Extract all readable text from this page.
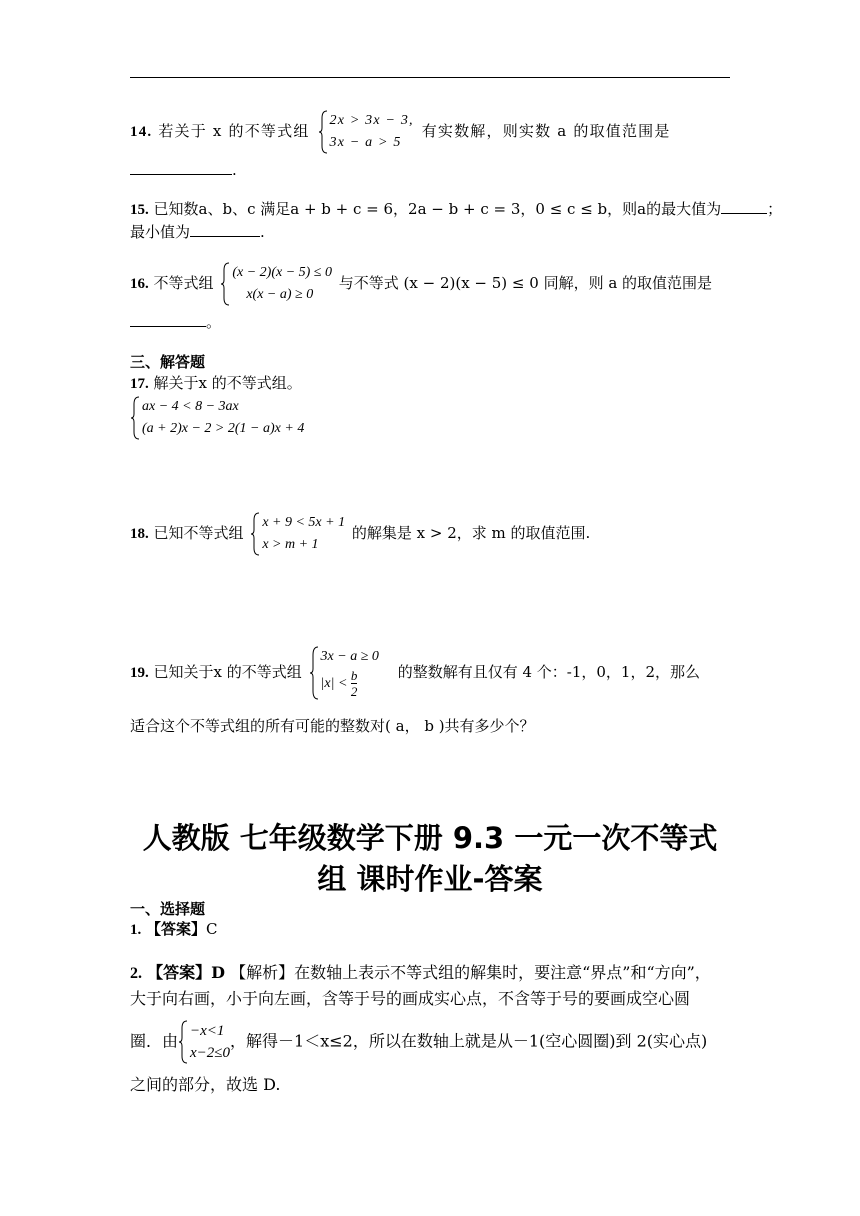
14. 若关于 x 的不等式组
2x > 3x − 3,
3x − a > 5
有实数解，则实数 a 的取值范围是
.
15. 已知数a、b、c 满足a + b + c = 6，2a − b + c = 3，0 ≤ c ≤ b，则a的最大值为	；
最小值为	.
16. 不等式组
(x − 2)(x − 5) ≤ 0
x(x − a) ≥ 0
与不等式 (x − 2)(x − 5) ≤ 0 同解，则 a 的取值范围是
。
三、解答题
17. 解关于x 的不等式组。
ax − 4 < 8 − 3ax
(a + 2)x − 2 > 2(1 − a)x + 4
18. 已知不等式组
x + 9 < 5x + 1
x > m + 1
的解集是 x > 2，求 m 的取值范围.
19. 已知关于x 的不等式组
3x − a ≥ 0
$|x| < \frac{b}{2}$	的整数解有且仅有 4 个：-1，0，1，2，那么
适合这个不等式组的所有可能的整数对( a， b )共有多少个？
人教版 七年级数学下册 9.3 一元一次不等式
组 课时作业-答案
一、选择题
1. 【答案】C
2. 【答案】D 【解析】在数轴上表示不等式组的解集时，要注意“界点”和“方向”，
大于向右画，小于向左画，含等于号的画成实心点，不含等于号的要画成空心圆
圈．由
−x<1
x−2≤0
，解得－1＜x≤2，所以在数轴上就是从－1(空心圆圈)到 2(实心点)
之间的部分，故选 D.
